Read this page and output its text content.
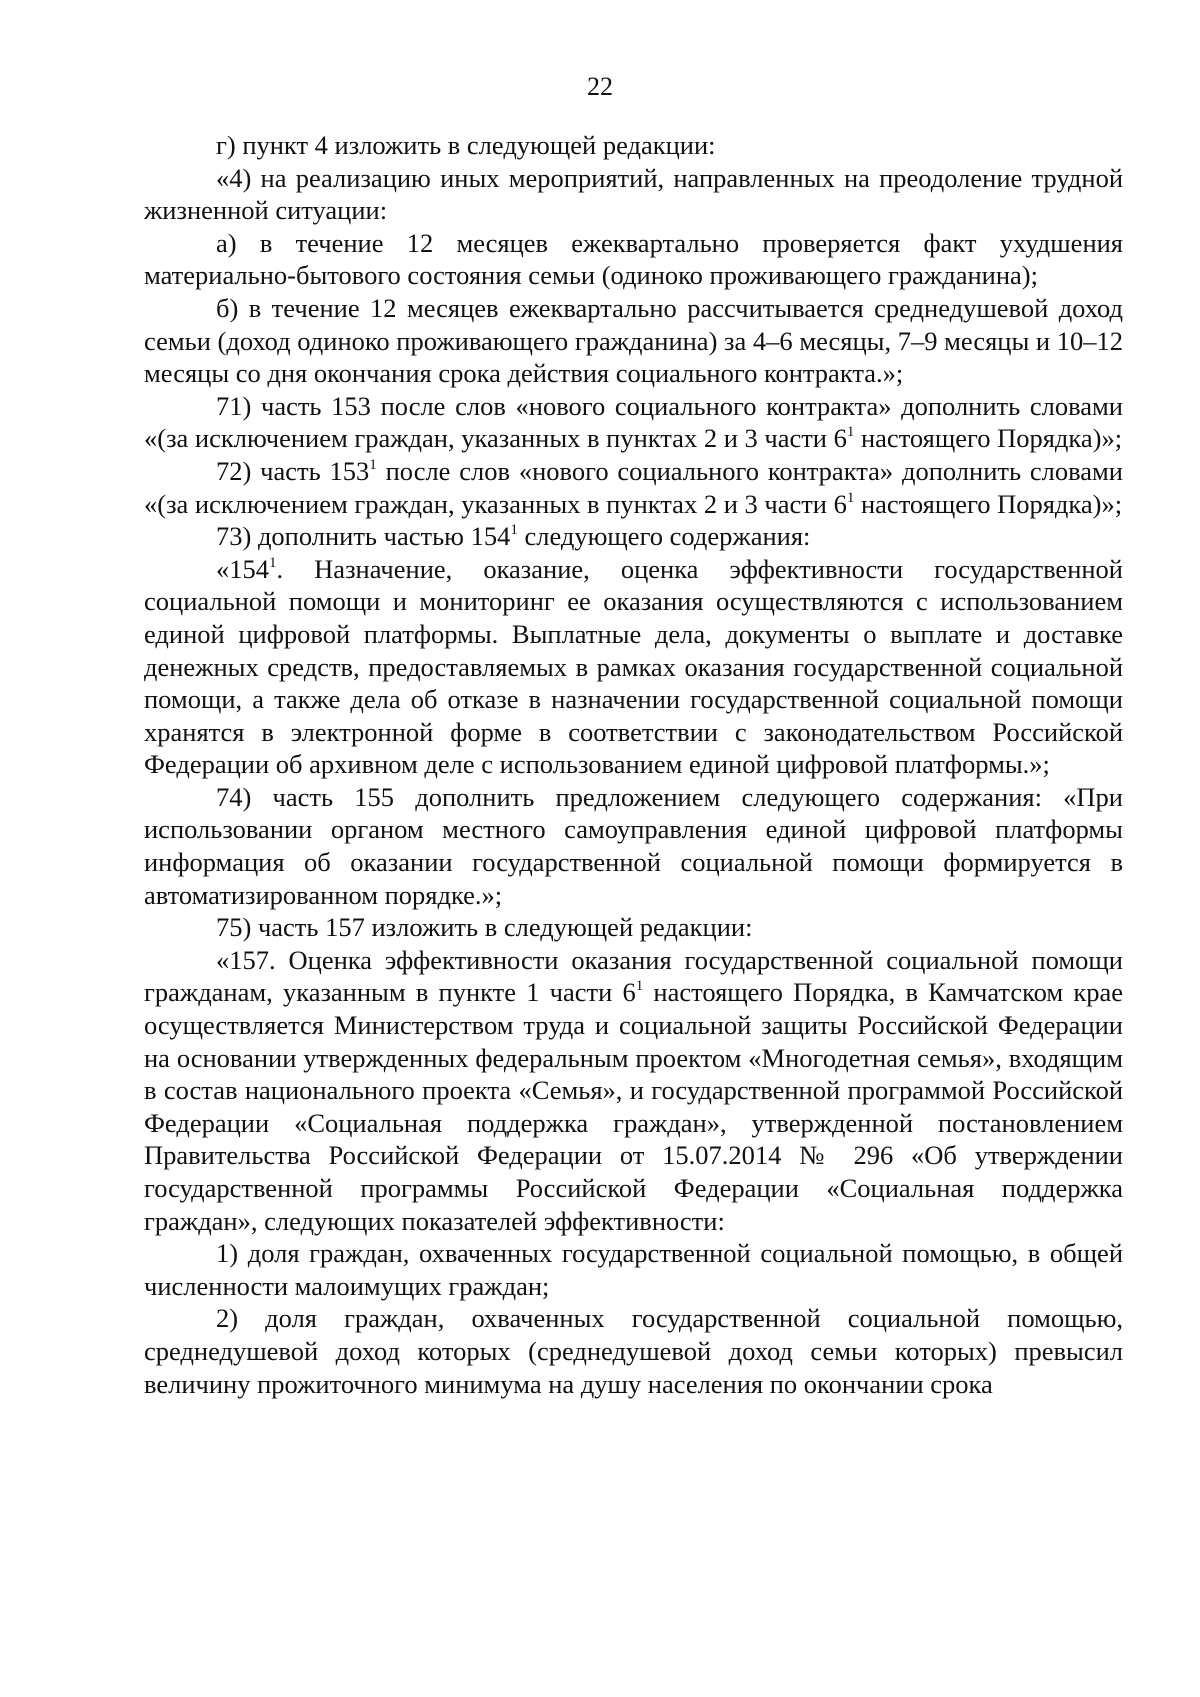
22

г) пункт 4 изложить в следующей редакции:

«4) на реализацию иных мероприятий, направленных на преодоление трудной жизненной ситуации:

а) в течение 12 месяцев ежеквартально проверяется факт ухудшения материально-бытового состояния семьи (одиноко проживающего гражданина);

б) в течение 12 месяцев ежеквартально рассчитывается среднедушевой доход семьи (доход одиноко проживающего гражданина) за 4–6 месяцы, 7–9 месяцы и 10–12 месяцы со дня окончания срока действия социального контракта.»;

71) часть 153 после слов «нового социального контракта» дополнить словами «(за исключением граждан, указанных в пунктах 2 и 3 части $6^1$ настоящего Порядка)»;

72) часть $153^1$ после слов «нового социального контракта» дополнить словами «(за исключением граждан, указанных в пунктах 2 и 3 части $6^1$ настоящего Порядка)»;

73) дополнить частью $154^1$ следующего содержания:

«$154^1$. Назначение, оказание, оценка эффективности государственной социальной помощи и мониторинг ее оказания осуществляются с использованием единой цифровой платформы. Выплатные дела, документы о выплате и доставке денежных средств, предоставляемых в рамках оказания государственной социальной помощи, а также дела об отказе в назначении государственной социальной помощи хранятся в электронной форме в соответствии с законодательством Российской Федерации об архивном деле с использованием единой цифровой платформы.»;

74) часть 155 дополнить предложением следующего содержания: «При использовании органом местного самоуправления единой цифровой платформы информация об оказании государственной социальной помощи формируется в автоматизированном порядке.»;

75) часть 157 изложить в следующей редакции:

«157. Оценка эффективности оказания государственной социальной помощи гражданам, указанным в пункте 1 части $6^1$ настоящего Порядка, в Камчатском крае осуществляется Министерством труда и социальной защиты Российской Федерации на основании утвержденных федеральным проектом «Многодетная семья», входящим в состав национального проекта «Семья», и государственной программой Российской Федерации «Социальная поддержка граждан», утвержденной постановлением Правительства Российской Федерации от 15.07.2014 № 296 «Об утверждении государственной программы Российской Федерации «Социальная поддержка граждан», следующих показателей эффективности:

1) доля граждан, охваченных государственной социальной помощью, в общей численности малоимущих граждан;

2) доля граждан, охваченных государственной социальной помощью, среднедушевой доход которых (среднедушевой доход семьи которых) превысил величину прожиточного минимума на душу населения по окончании срока
